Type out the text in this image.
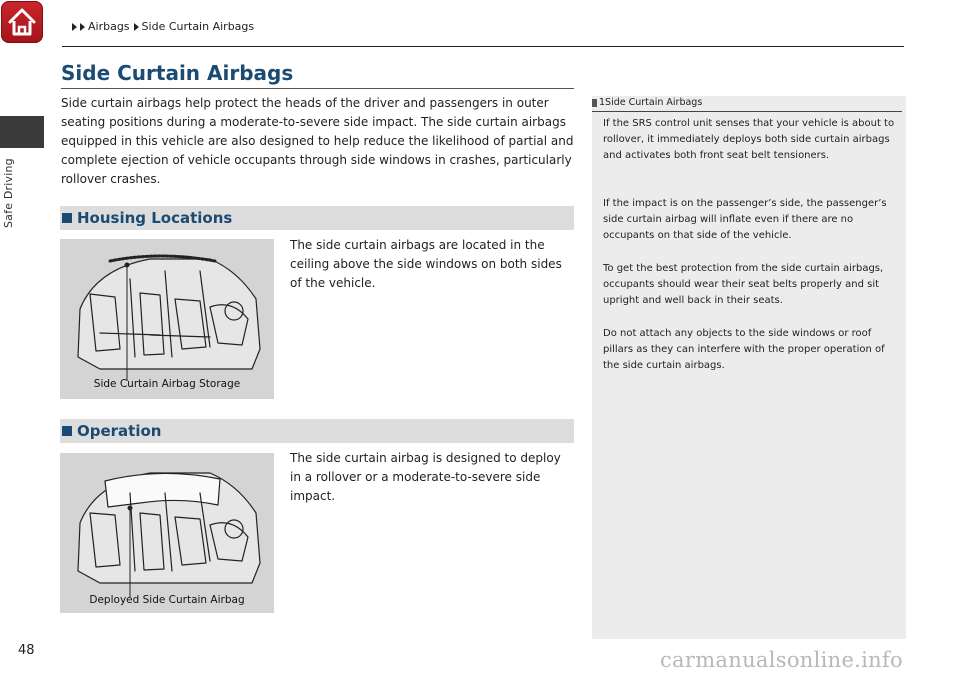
Safe Driving
48
Airbags Side Curtain Airbags
Side Curtain Airbags

Side curtain airbags help protect the heads of the driver and passengers in outer seating positions during a moderate-to-severe side impact. The side curtain airbags equipped in this vehicle are also designed to help reduce the likelihood of partial and complete ejection of vehicle occupants through side windows in crashes, particularly rollover crashes.

Housing Locations
Side Curtain Airbag Storage

The side curtain airbags are located in the ceiling above the side windows on both sides of the vehicle.

Operation
Deployed Side Curtain Airbag

The side curtain airbag is designed to deploy in a rollover or a moderate-to-severe side impact.

1Side Curtain Airbags

If the SRS control unit senses that your vehicle is about to rollover, it immediately deploys both side curtain airbags and activates both front seat belt tensioners.

If the impact is on the passenger’s side, the passenger’s side curtain airbag will inflate even if there are no occupants on that side of the vehicle.

To get the best protection from the side curtain airbags, occupants should wear their seat belts properly and sit upright and well back in their seats.

Do not attach any objects to the side windows or roof pillars as they can interfere with the proper operation of the side curtain airbags.

carmanualsonline.info
